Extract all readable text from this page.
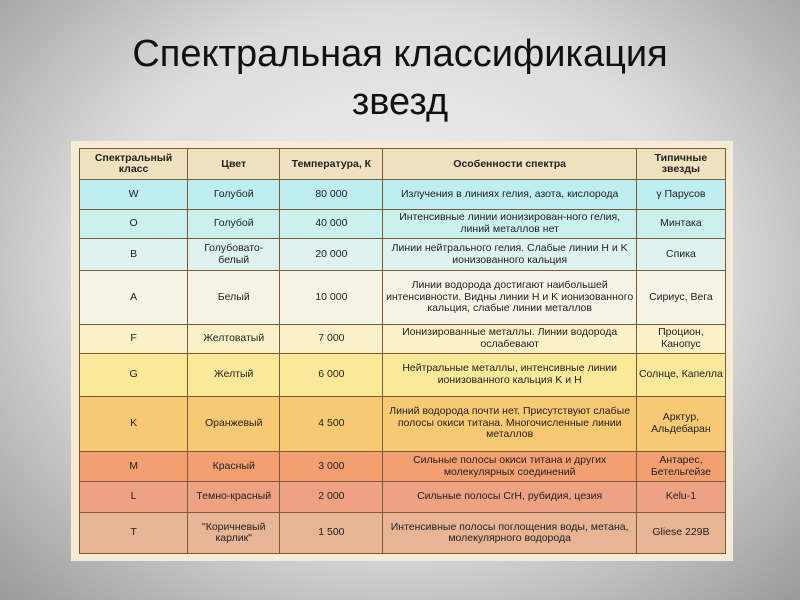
Спектральная классификация
звезд
Спектральный класс	Цвет	Температура, К	Особенности спектра	Типичные звезды
W	Голубой	80 000	Излучения в линиях гелия, азота, кислорода	γ Парусов
O	Голубой	40 000	Интенсивные линии ионизирован-ного гелия, линий металлов нет	Минтака
B	Голубовато-белый	20 000	Линии нейтрального гелия. Слабые линии H и K ионизованного кальция	Спика
A	Белый	10 000	Линии водорода достигают наибольшей интенсивности. Видны линии H и K ионизованного кальция, слабые линии металлов	Сириус, Вега
F	Желтоватый	7 000	Ионизированные металлы. Линии водорода ослабевают	Процион, Канопус
G	Желтый	6 000	Нейтральные металлы, интенсивные линии ионизованного кальция K и H	Солнце, Капелла
K	Оранжевый	4 500	Линий водорода почти нет. Присутствуют слабые полосы окиси титана. Многочисленные линии металлов	Арктур, Альдебаран
M	Красный	3 000	Сильные полосы окиси титана и других молекулярных соединений	Антарес, Бетельгейзе
L	Темно-красный	2 000	Сильные полосы CrH, рубидия, цезия	Kelu-1
T	"Коричневый карлик"	1 500	Интенсивные полосы поглощения воды, метана, молекулярного водорода	Gliese 229B
